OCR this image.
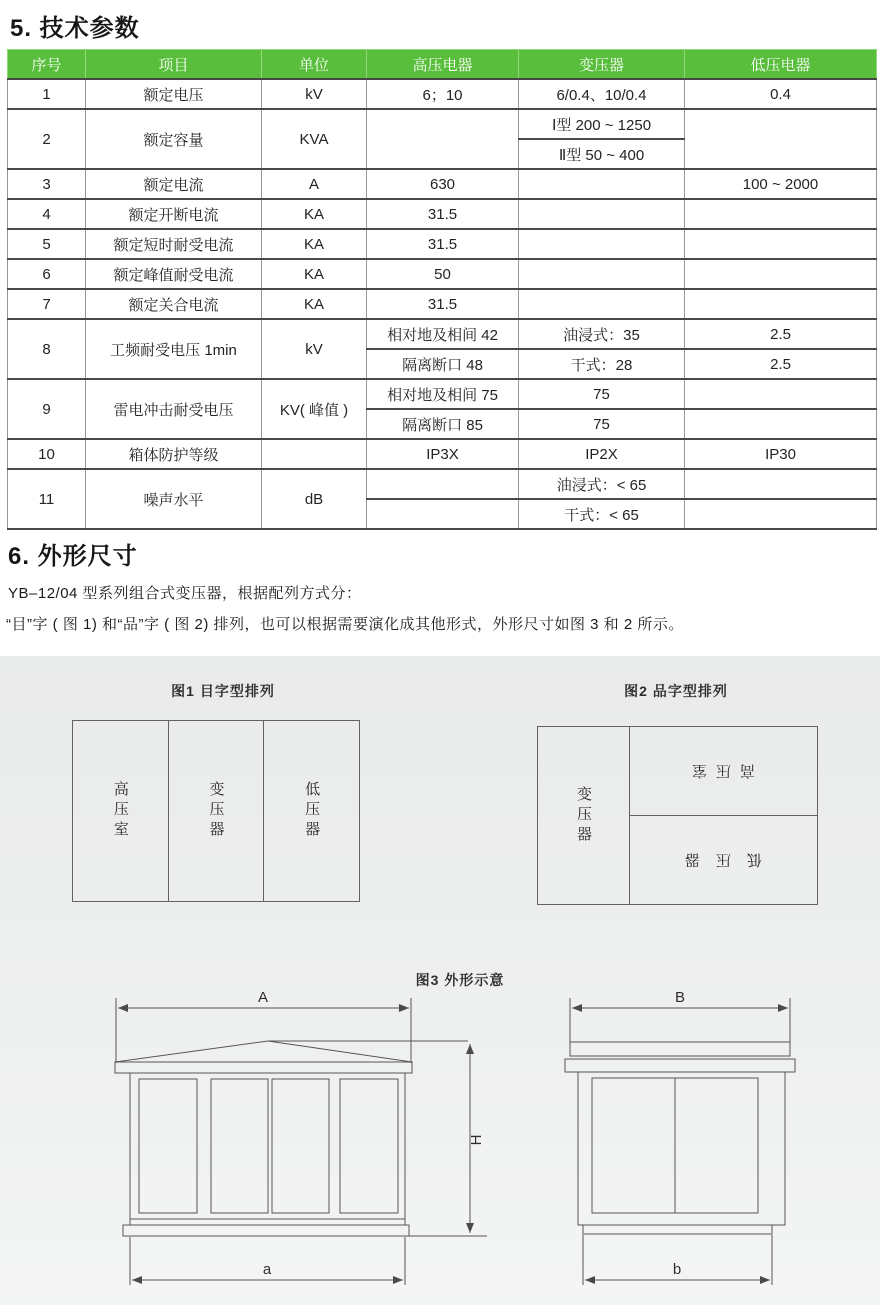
5. 技术参数
序号	项目	单位	高压电器	变压器	低压电器
1	额定电压	kV	6；10	6/0.4、10/0.4	0.4
2	额定容量	KVA		Ⅰ型 200 ~ 1250	
				Ⅱ型 50 ~ 400	
3	额定电流	A	630		100 ~ 2000
4	额定开断电流	KA	31.5		
5	额定短时耐受电流	KA	31.5		
6	额定峰值耐受电流	KA	50		
7	额定关合电流	KA	31.5		
8	工频耐受电压 1min	kV	相对地及相间 42	油浸式：35	2.5
			隔离断口 48	干式：28	2.5
9	雷电冲击耐受电压	KV( 峰值 )	相对地及相间 75	75	
			隔离断口 85	75	
10	箱体防护等级		IP3X	IP2X	IP30
11	噪声水平	dB		油浸式：< 65	
				干式：< 65	
6. 外形尺寸

YB–12/04 型系列组合式变压器，根据配列方式分：

“目”字 ( 图 1) 和“品”字 ( 图 2) 排列，也可以根据需要演化成其他形式，外形尺寸如图 3 和 2 所示。

图1 目字型排列	图2 品字型排列
高压室	变压器	低压器	变压器
高压室
低压器
图3 外形示意
A
H
a
B
b
